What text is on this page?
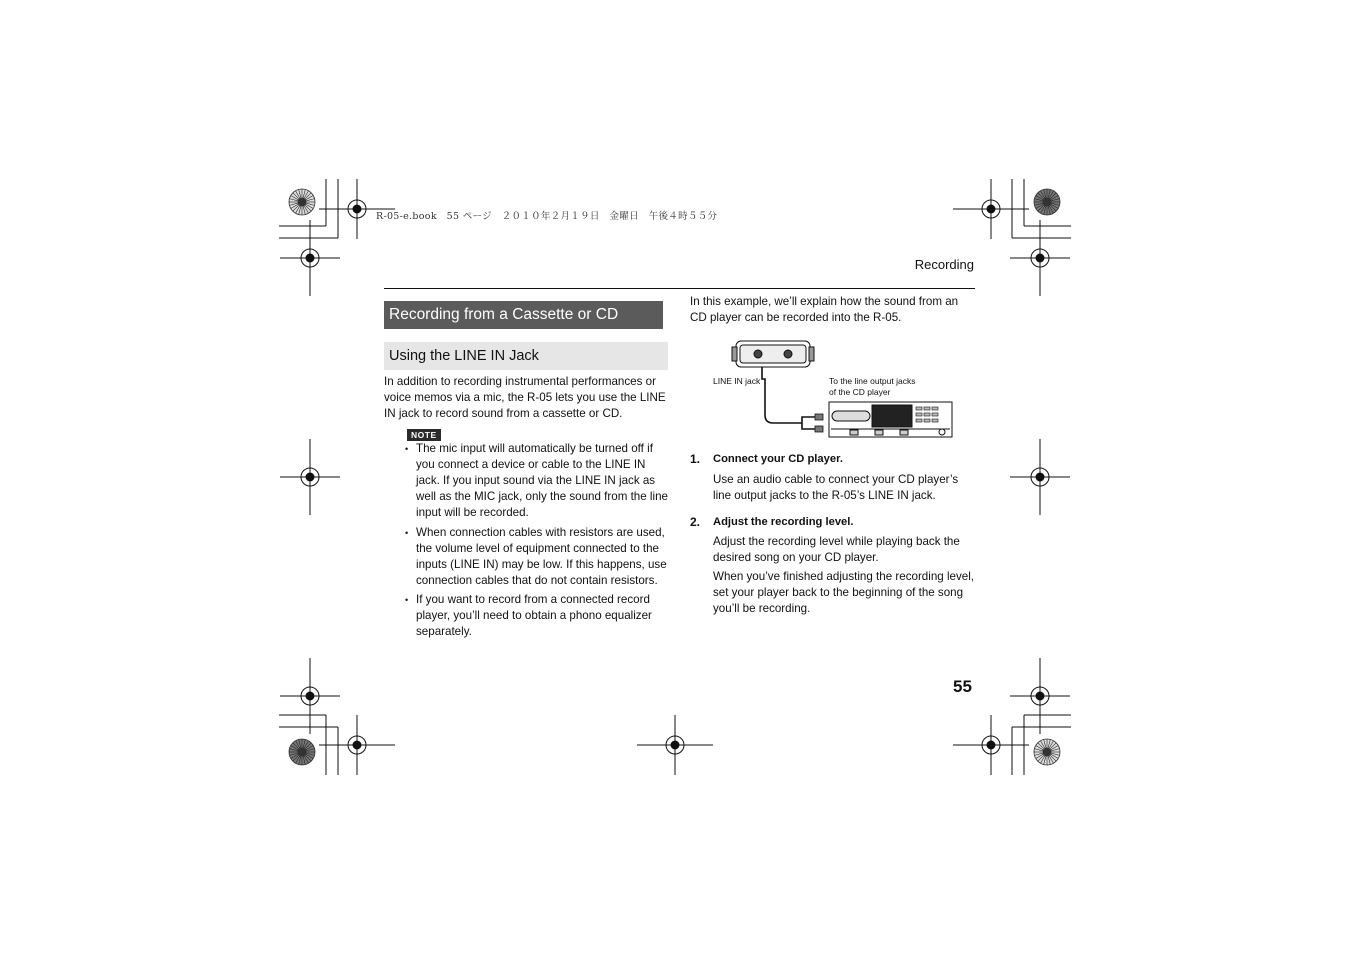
R-05-e.book　55 ページ　２０１０年２月１９日　金曜日　午後４時５５分
Recording
Recording from a Cassette or CD
Using the LINE IN Jack
In addition to recording instrumental performances or voice memos via a mic, the R-05 lets you use the LINE IN jack to record sound from a cassette or CD.
NOTE
• The mic input will automatically be turned off if you connect a device or cable to the LINE IN jack. If you input sound via the LINE IN jack as well as the MIC jack, only the sound from the line input will be recorded.
• When connection cables with resistors are used, the volume level of equipment connected to the inputs (LINE IN) may be low. If this happens, use connection cables that do not contain resistors.
• If you want to record from a connected record player, you’ll need to obtain a phono equalizer separately.
In this example, we’ll explain how the sound from an CD player can be recorded into the R-05.
LINE IN jack	To the line output jacks
of the CD player
1. Connect your CD player.
Use an audio cable to connect your CD player’s line output jacks to the R-05’s LINE IN jack.
2. Adjust the recording level.
Adjust the recording level while playing back the desired song on your CD player.
When you’ve finished adjusting the recording level, set your player back to the beginning of the song you’ll be recording.
55
